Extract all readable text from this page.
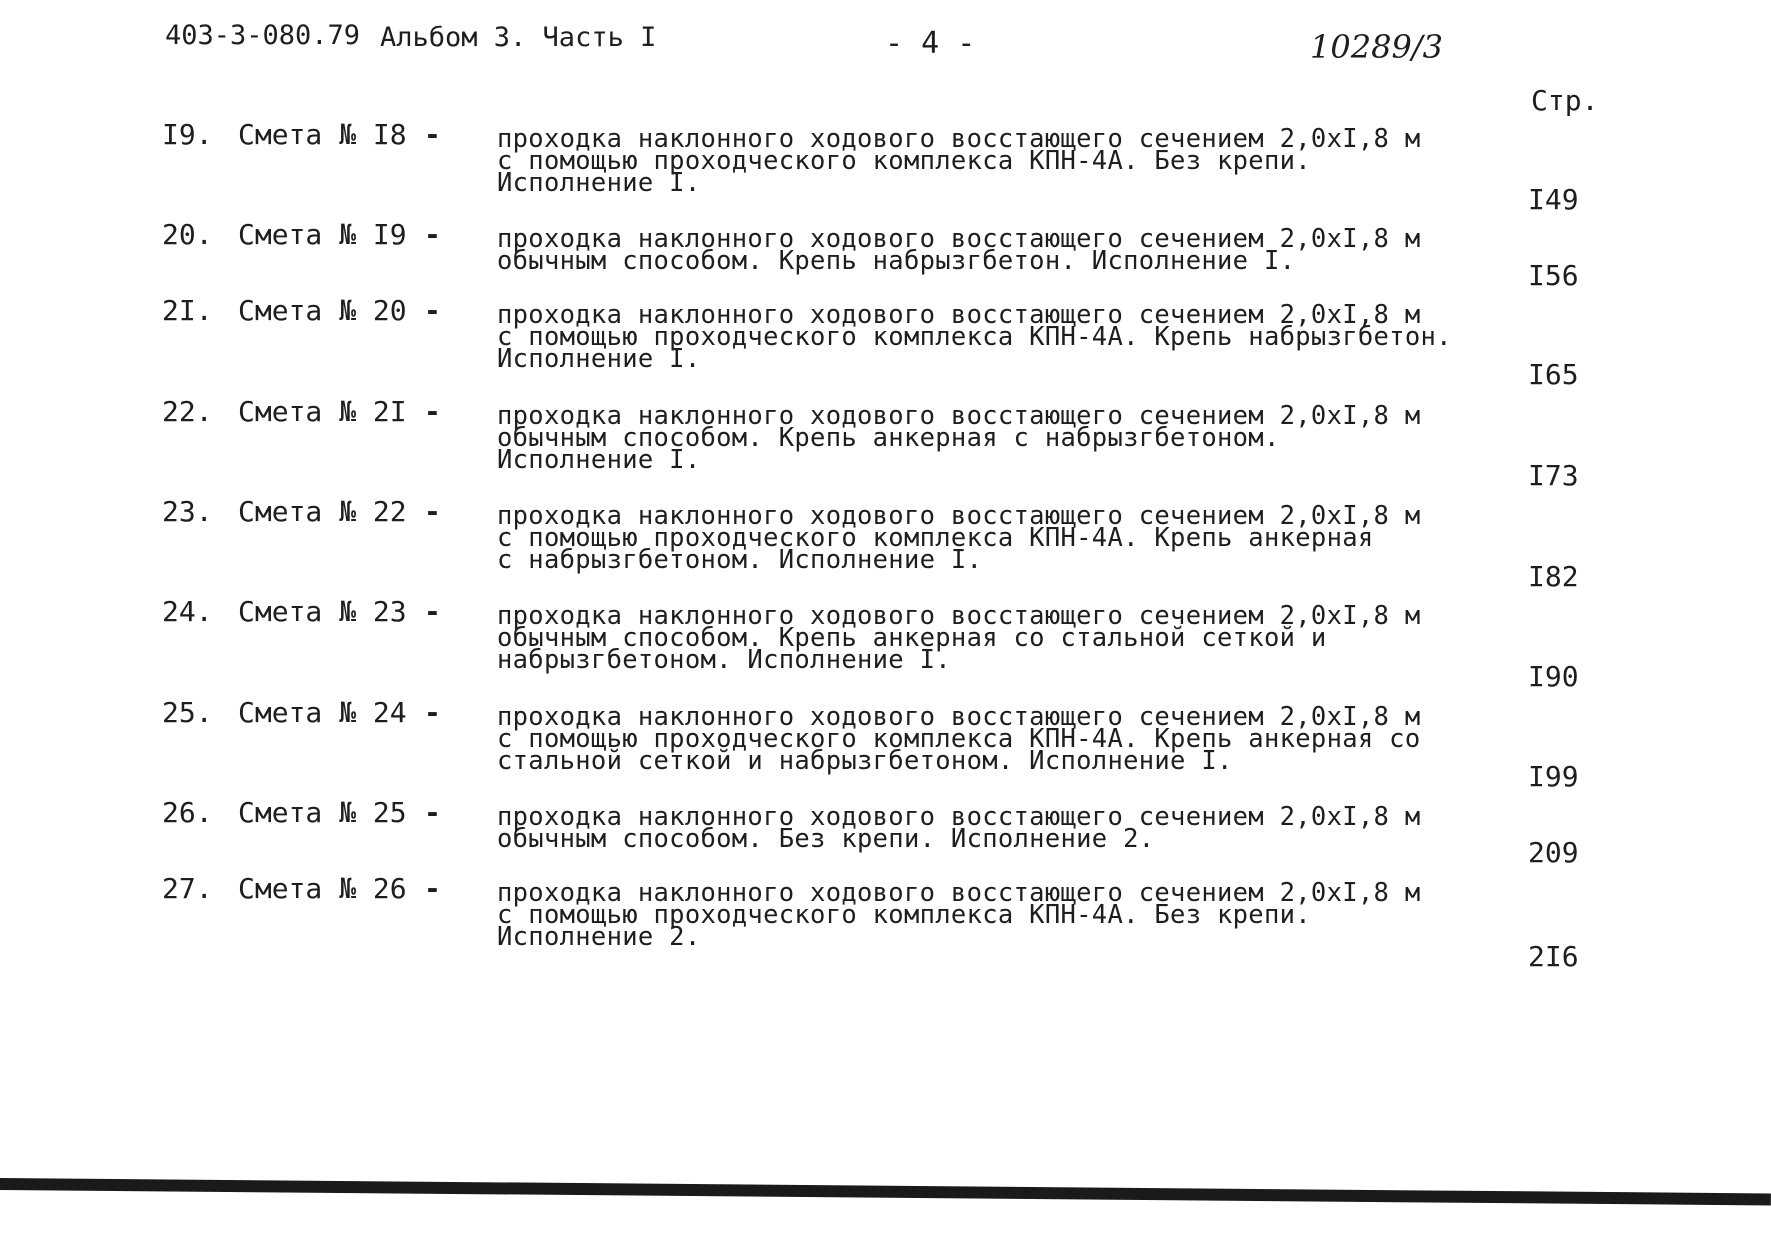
403-3-080.79 Альбом 3. Часть I	- 4 -	10289/3
Стр.
I9. Смета № I8 - проходка наклонного ходового восстающего сечением 2,0xI,8 м
с помощью проходческого комплекса КПН-4А. Без крепи.
Исполнение I.	I49
20. Смета № I9 - проходка наклонного ходового восстающего сечением 2,0xI,8 м
обычным способом. Крепь набрызгбетон. Исполнение I.	I56
2I. Смета № 20 - проходка наклонного ходового восстающего сечением 2,0xI,8 м
с помощью проходческого комплекса КПН-4А. Крепь набрызгбетон.
Исполнение I.	I65
22. Смета № 2I - проходка наклонного ходового восстающего сечением 2,0xI,8 м
обычным способом. Крепь анкерная с набрызгбетоном.
Исполнение I.	I73
23. Смета № 22 - проходка наклонного ходового восстающего сечением 2,0xI,8 м
с помощью проходческого комплекса КПН-4А. Крепь анкерная
с набрызгбетоном. Исполнение I.	I82
24. Смета № 23 - проходка наклонного ходового восстающего сечением 2,0xI,8 м
обычным способом. Крепь анкерная со стальной сеткой и
набрызгбетоном. Исполнение I.	I90
25. Смета № 24 - проходка наклонного ходового восстающего сечением 2,0xI,8 м
с помощью проходческого комплекса КПН-4А. Крепь анкерная со
стальной сеткой и набрызгбетоном. Исполнение I.	I99
26. Смета № 25 - проходка наклонного ходового восстающего сечением 2,0xI,8 м
обычным способом. Без крепи. Исполнение 2.	209
27. Смета № 26 - проходка наклонного ходового восстающего сечением 2,0xI,8 м
с помощью проходческого комплекса КПН-4А. Без крепи.
Исполнение 2.
2I6
